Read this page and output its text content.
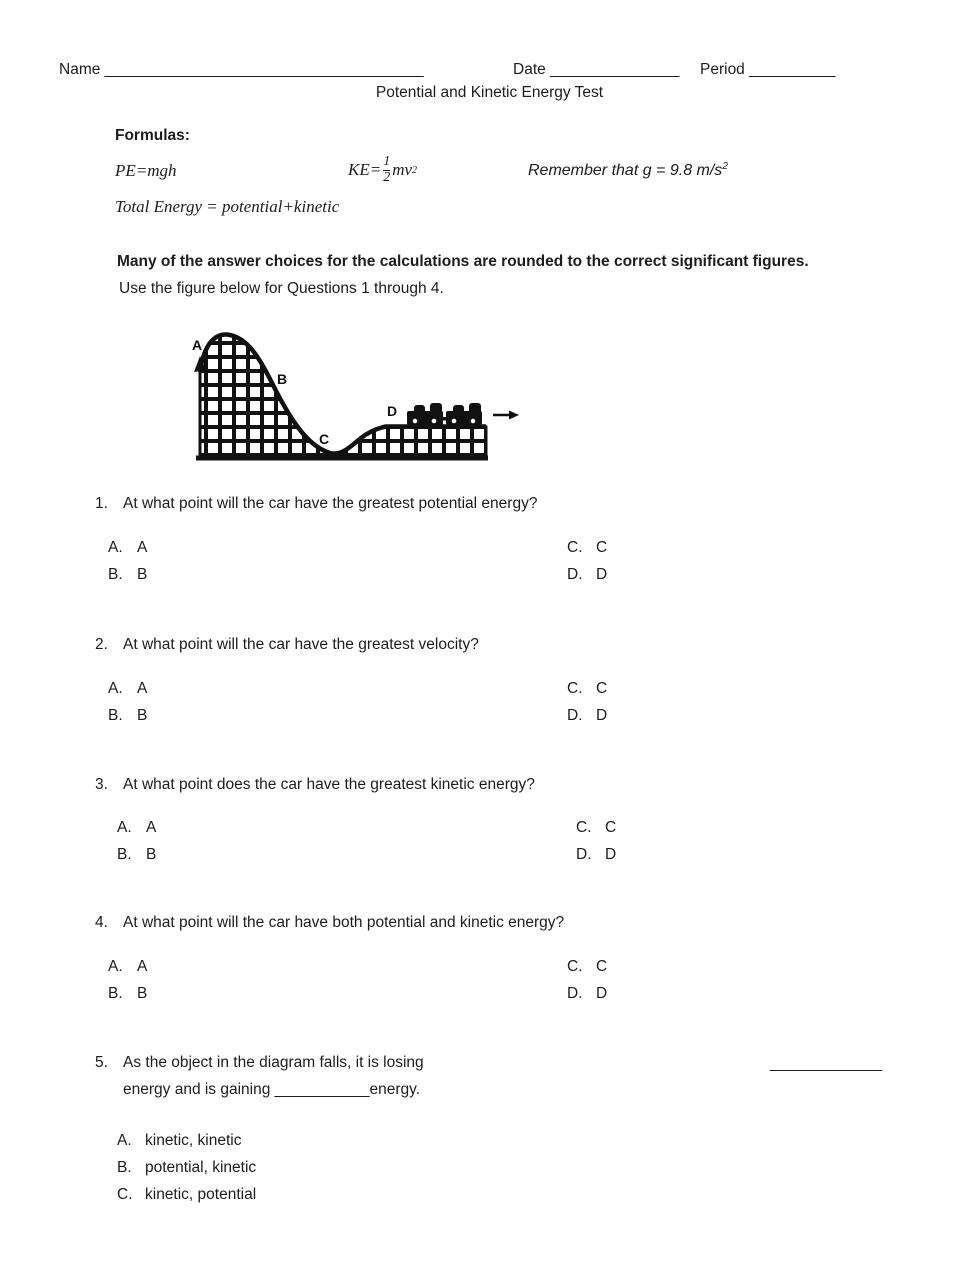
Name _____________________________________	Date _______________ Period __________
Potential and Kinetic Energy Test
Formulas:
PE=mgh	$KE= \frac{1}{2}$ mv 2	Remember that g = 9.8 $m/s^2$
Total Energy = potential+kinetic
Many of the answer choices for the calculations are rounded to the correct significant figures.
Use the figure below for Questions 1 through 4.
A
B
C
D
1. At what point will the car have the greatest potential energy?
A. A
B. B
C. C
D. D
2. At what point will the car have the greatest velocity?
A. A
B. B
C. C
D. D
3. At what point does the car have the greatest kinetic energy?
A. A
B. B
C. C
D. D
4. At what point will the car have both potential and kinetic energy?
A. A
B. B
C. C
D. D
5. As the object in the diagram falls, it is losing	_____________
energy and is gaining ___________energy.
A. kinetic, kinetic
B. potential, kinetic
C. kinetic, potential
